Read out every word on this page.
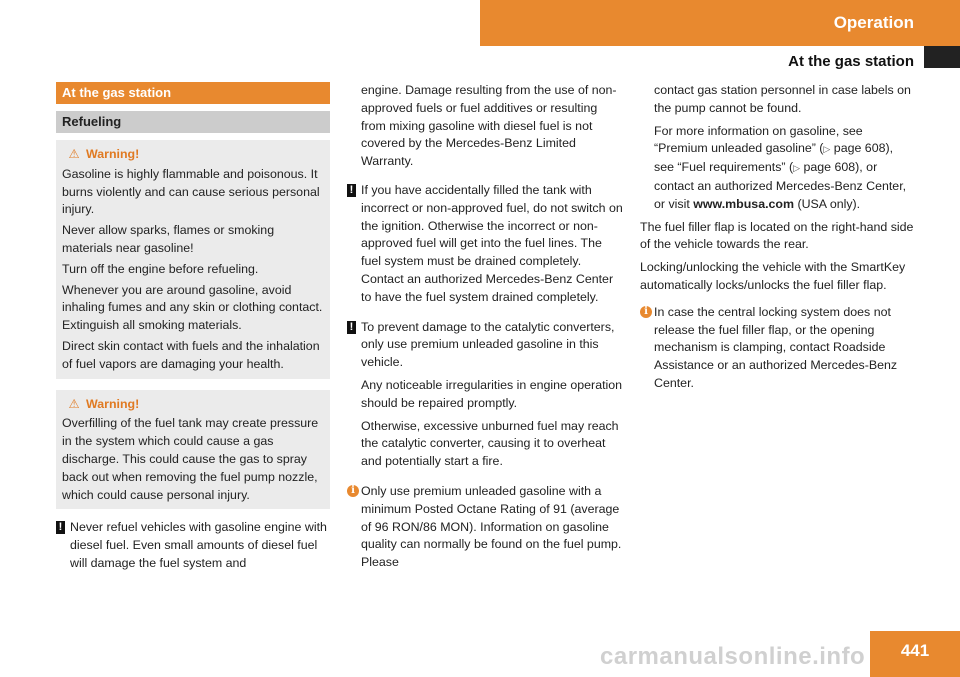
Operation
At the gas station
At the gas station
Refueling
⚠ Warning!

Gasoline is highly flammable and poisonous. It burns violently and can cause serious personal injury.

Never allow sparks, flames or smoking materials near gasoline!

Turn off the engine before refueling.

Whenever you are around gasoline, avoid inhaling fumes and any skin or clothing contact. Extinguish all smoking materials.

Direct skin contact with fuels and the inhalation of fuel vapors are damaging your health.

⚠ Warning!

Overfilling of the fuel tank may create pressure in the system which could cause a gas discharge. This could cause the gas to spray back out when removing the fuel pump nozzle, which could cause personal injury.

! Never refuel vehicles with gasoline engine with diesel fuel. Even small amounts of diesel fuel will damage the fuel system and

engine. Damage resulting from the use of non-approved fuels or fuel additives or resulting from mixing gasoline with diesel fuel is not covered by the Mercedes-Benz Limited Warranty.

! If you have accidentally filled the tank with incorrect or non-approved fuel, do not switch on the ignition. Otherwise the incorrect or non-approved fuel will get into the fuel lines. The fuel system must be drained completely. Contact an authorized Mercedes-Benz Center to have the fuel system drained completely.

! To prevent damage to the catalytic converters, only use premium unleaded gasoline in this vehicle.

Any noticeable irregularities in engine operation should be repaired promptly.

Otherwise, excessive unburned fuel may reach the catalytic converter, causing it to overheat and potentially start a fire.

i Only use premium unleaded gasoline with a minimum Posted Octane Rating of 91 (average of 96 RON/86 MON). Information on gasoline quality can normally be found on the fuel pump. Please

contact gas station personnel in case labels on the pump cannot be found.

For more information on gasoline, see “Premium unleaded gasoline” (▷ page 608), see “Fuel requirements” (▷ page 608), or contact an authorized Mercedes-Benz Center, or visit www.mbusa.com (USA only).

The fuel filler flap is located on the right-hand side of the vehicle towards the rear.

Locking/unlocking the vehicle with the SmartKey automatically locks/unlocks the fuel filler flap.

i In case the central locking system does not release the fuel filler flap, or the opening mechanism is clamping, contact Roadside Assistance or an authorized Mercedes-Benz Center.

441
carmanualsonline.info
